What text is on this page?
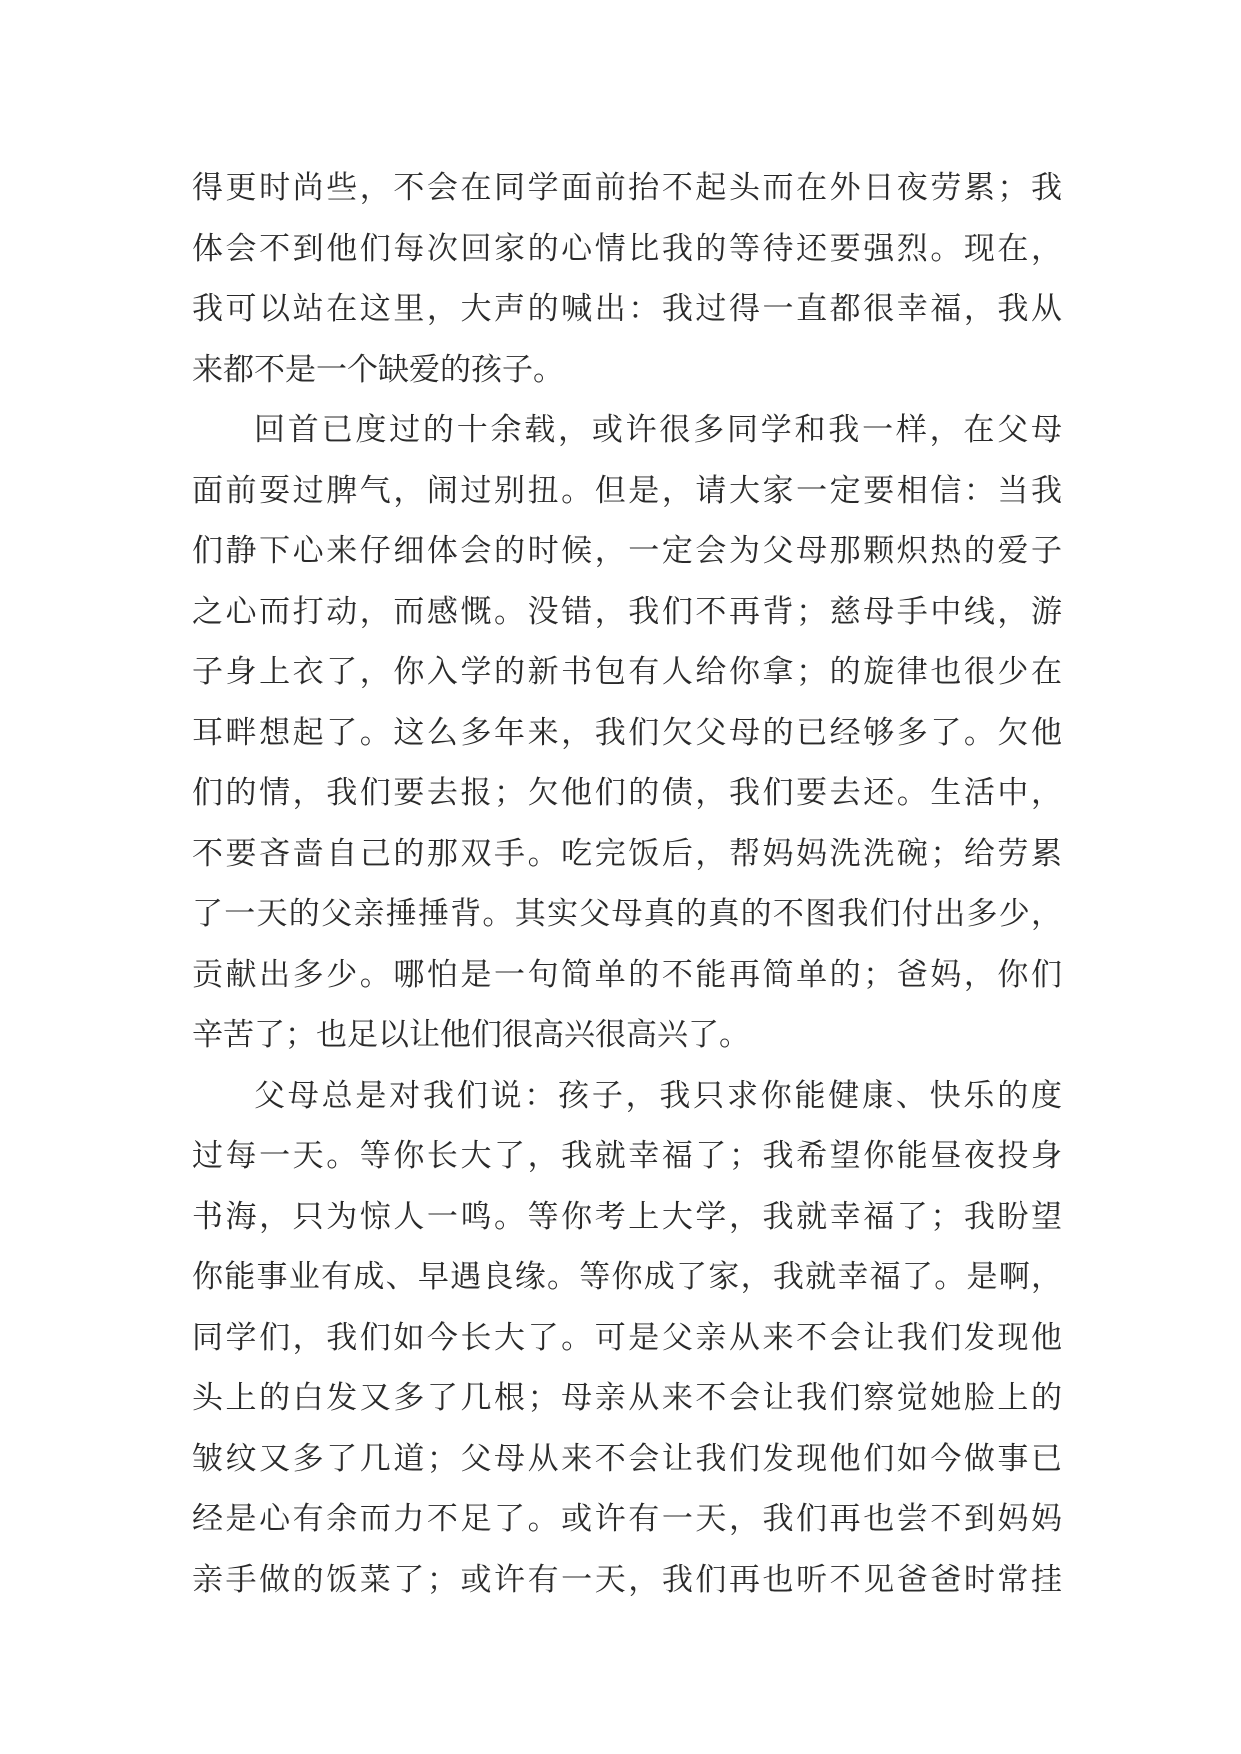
得更时尚些，不会在同学面前抬不起头而在外日夜劳累；我
体会不到他们每次回家的心情比我的等待还要强烈。现在，
我可以站在这里，大声的喊出：我过得一直都很幸福，我从
来都不是一个缺爱的孩子。
回首已度过的十余载，或许很多同学和我一样，在父母
面前耍过脾气，闹过别扭。但是，请大家一定要相信：当我
们静下心来仔细体会的时候，一定会为父母那颗炽热的爱子
之心而打动，而感慨。没错，我们不再背；慈母手中线，游
子身上衣了，你入学的新书包有人给你拿；的旋律也很少在
耳畔想起了。这么多年来，我们欠父母的已经够多了。欠他
们的情，我们要去报；欠他们的债，我们要去还。生活中，
不要吝啬自己的那双手。吃完饭后，帮妈妈洗洗碗；给劳累
了一天的父亲捶捶背。其实父母真的真的不图我们付出多少，
贡献出多少。哪怕是一句简单的不能再简单的；爸妈，你们
辛苦了；也足以让他们很高兴很高兴了。
父母总是对我们说：孩子，我只求你能健康、快乐的度
过每一天。等你长大了，我就幸福了；我希望你能昼夜投身
书海，只为惊人一鸣。等你考上大学，我就幸福了；我盼望
你能事业有成、早遇良缘。等你成了家，我就幸福了。是啊，
同学们，我们如今长大了。可是父亲从来不会让我们发现他
头上的白发又多了几根；母亲从来不会让我们察觉她脸上的
皱纹又多了几道；父母从来不会让我们发现他们如今做事已
经是心有余而力不足了。或许有一天，我们再也尝不到妈妈
亲手做的饭菜了；或许有一天，我们再也听不见爸爸时常挂
